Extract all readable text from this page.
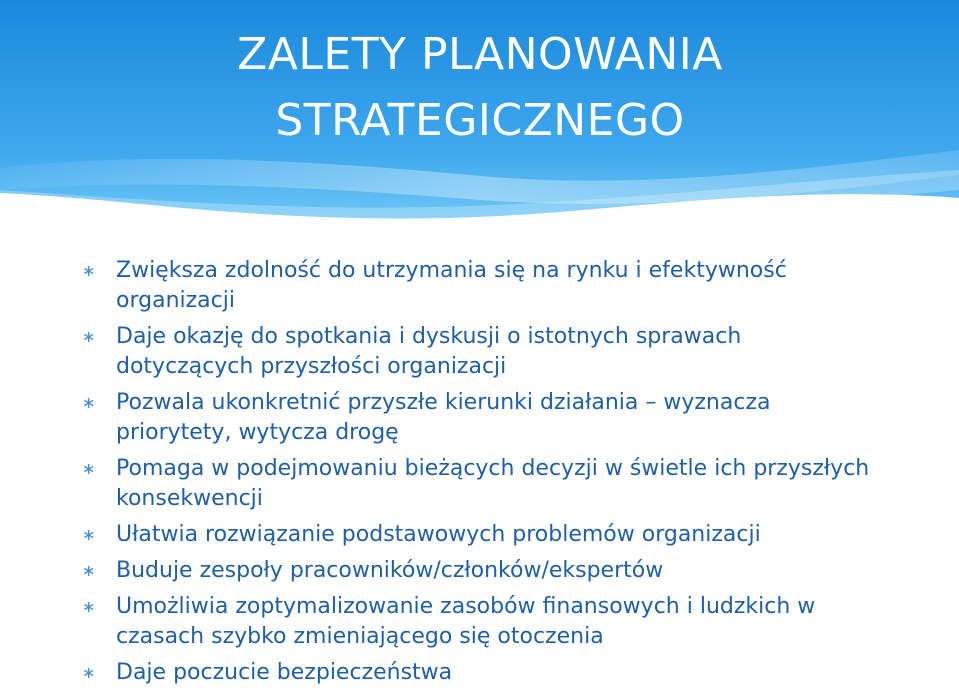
ZALETY PLANOWANIA
STRATEGICZNEGO
∗ Zwiększa zdolność do utrzymania się na rynku i efektywność organizacji
∗ Daje okazję do spotkania i dyskusji o istotnych sprawach dotyczących przyszłości organizacji
∗ Pozwala ukonkretnić przyszłe kierunki działania – wyznacza priorytety, wytycza drogę
∗ Pomaga w podejmowaniu bieżących decyzji w świetle ich przyszłych konsekwencji
∗ Ułatwia rozwiązanie podstawowych problemów organizacji
∗ Buduje zespoły pracowników/członków/ekspertów
∗ Umożliwia zoptymalizowanie zasobów finansowych i ludzkich w czasach szybko zmieniającego się otoczenia
∗ Daje poczucie bezpieczeństwa
